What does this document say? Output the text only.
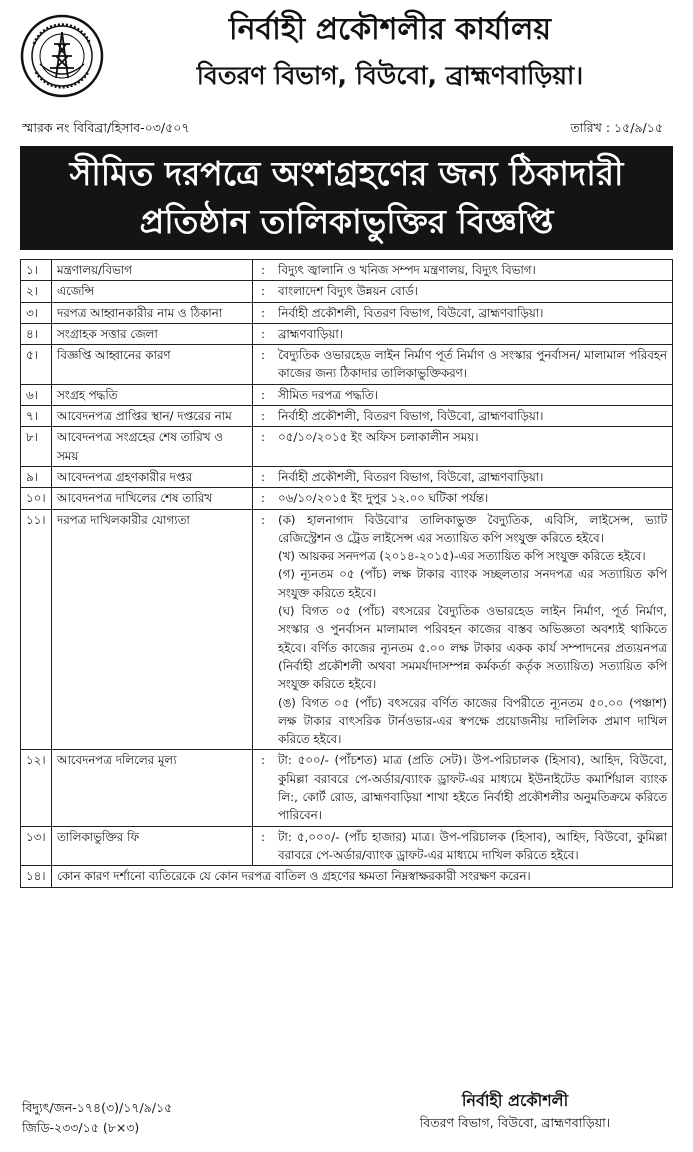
নির্বাহী প্রকৌশলীর কার্যালয়
বিতরণ বিভাগ, বিউবো, ব্রাহ্মণবাড়িয়া।
স্মারক নং বিবিব্রা/হিসাব-০৩/৫০৭	তারিখ : ১৫/৯/১৫
সীমিত দরপত্রে অংশগ্রহণের জন্য ঠিকাদারী
প্রতিষ্ঠান তালিকাভুক্তির বিজ্ঞপ্তি
১।	মন্ত্রণালয়/বিভাগ	:	বিদ্যুৎ জ্বালানি ও খনিজ সম্পদ মন্ত্রণালয়, বিদ্যুৎ বিভাগ।
২।	এজেন্সি	:	বাংলাদেশ বিদ্যুৎ উন্নয়ন বোর্ড।
৩।	দরপত্র আহ্বানকারীর নাম ও ঠিকানা	:	নির্বাহী প্রকৌশলী, বিতরণ বিভাগ, বিউবো, ব্রাহ্মণবাড়িয়া।
৪।	সংগ্রাহক সত্তার জেলা	:	ব্রাহ্মণবাড়িয়া।
৫।	বিজ্ঞপ্তি আহ্বানের কারণ	:	বৈদ্যুতিক ওভারহেড লাইন নির্মাণ পূর্ত নির্মাণ ও সংস্কার পুনর্বাসন/ মালামাল পরিবহন কাজের জন্য ঠিকাদার তালিকাভুক্তিকরণ।
৬।	সংগ্রহ পদ্ধতি	:	সীমিত দরপত্র পদ্ধতি।
৭।	আবেদনপত্র প্রাপ্তির স্থান/ দপ্তরের নাম	:	নির্বাহী প্রকৌশলী, বিতরণ বিভাগ, বিউবো, ব্রাহ্মণবাড়িয়া।
৮।	আবেদনপত্র সংগ্রহের শেষ তারিখ ও সময়	:	০৫/১০/২০১৫ ইং অফিস চলাকালীন সময়।
৯।	আবেদনপত্র গ্রহণকারীর দপ্তর	:	নির্বাহী প্রকৌশলী, বিতরণ বিভাগ, বিউবো, ব্রাহ্মণবাড়িয়া।
১০।	আবেদনপত্র দাখিলের শেষ তারিখ	:	০৬/১০/২০১৫ ইং দুপুর ১২.০০ ঘটিকা পর্যন্ত।
১১।	দরপত্র দাখিলকারীর যোগ্যতা	:	(ক) হালনাগাদ বিউবো'র তালিকাভুক্ত বৈদ্যুতিক, এবিসি, লাইসেন্স, ভ্যাট রেজিস্ট্রেশন ও ট্রেড লাইসেন্স এর সত্যায়িত কপি সংযুক্ত করিতে হইবে।
(খ) আয়কর সনদপত্র (২০১৪-২০১৫)-এর সত্যায়িত কপি সংযুক্ত করিতে হইবে।
(গ) ন্যূনতম ০৫ (পাঁচ) লক্ষ টাকার ব্যাংক সচ্ছলতার সনদপত্র এর সত্যায়িত কপি সংযুক্ত করিতে হইবে।
(ঘ) বিগত ০৫ (পাঁচ) বৎসরের বৈদ্যুতিক ওভারহেড লাইন নির্মাণ, পূর্ত নির্মাণ, সংস্কার ও পুনর্বাসন মালামাল পরিবহন কাজের বাস্তব অভিজ্ঞতা অবশ্যই থাকিতে হইবে। বর্ণিত কাজের ন্যূনতম ৫.০০ লক্ষ টাকার একক কার্য সম্পাদনের প্রত্যয়নপত্র (নির্বাহী প্রকৌশলী অথবা সমমর্যাদাসম্পন্ন কর্মকর্তা কর্তৃক সত্যায়িত) সত্যায়িত কপি সংযুক্ত করিতে হইবে।
(ঙ) বিগত ০৫ (পাঁচ) বৎসরের বর্ণিত কাজের বিপরীতে ন্যূনতম ৫০.০০ (পঞ্চাশ) লক্ষ টাকার বাৎসরিক টার্নওভার-এর স্বপক্ষে প্রয়োজনীয় দালিলিক প্রমাণ দাখিল করিতে হইবে।

১২।	আবেদনপত্র দলিলের মূল্য	:	টা: ৫০০/- (পাঁচশত) মাত্র (প্রতি সেট)। উপ-পরিচালক (হিসাব), আহিদ, বিউবো, কুমিল্লা বরাবরে পে-অর্ডার/ব্যাংক ড্রাফট-এর মাধ্যমে ইউনাইটেড কমার্শিয়াল ব্যাংক লি:, কোর্ট রোড, ব্রাহ্মণবাড়িয়া শাখা হইতে নির্বাহী প্রকৌশলীর অনুমতিক্রমে করিতে পারিবেন।
১৩।	তালিকাভুক্তির ফি	:	টা: ৫,০০০/- (পাঁচ হাজার) মাত্র। উপ-পরিচালক (হিসাব), আহিদ, বিউবো, কুমিল্লা বরাবরে পে-অর্ডার/ব্যাংক ড্রাফট-এর মাধ্যমে দাখিল করিতে হইবে।
১৪।	কোন কারণ দর্শানো ব্যতিরেকে যে কোন দরপত্র বাতিল ও গ্রহণের ক্ষমতা নিম্নস্বাক্ষরকারী সংরক্ষণ করেন।		
বিদ্যুৎ/জন-১৭৪(৩)/১৭/৯/১৫
জিডি-২৩৩/১৫ (৮×৩)
নির্বাহী প্রকৌশলী
বিতরণ বিভাগ, বিউবো, ব্রাহ্মণবাড়িয়া।
